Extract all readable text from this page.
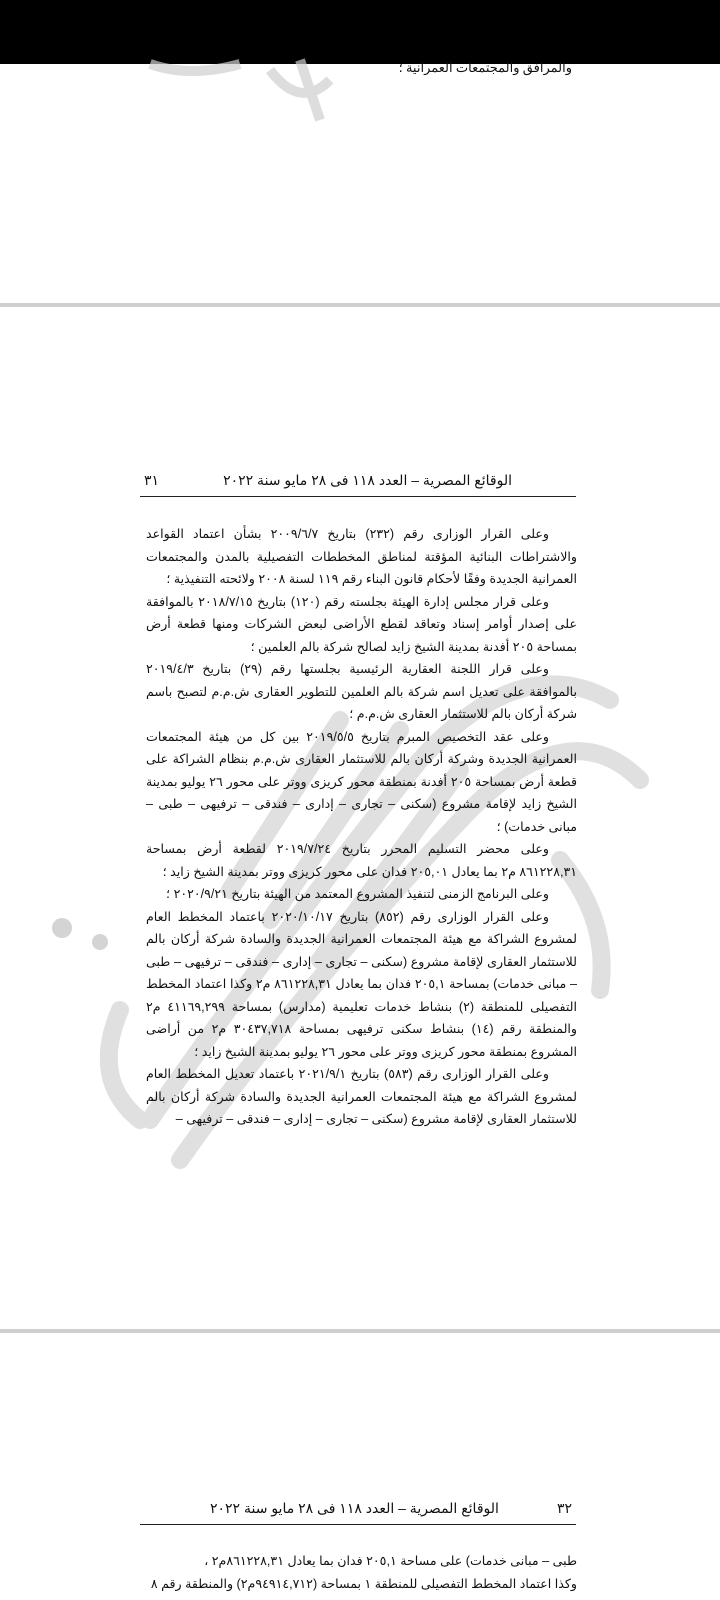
والمرافق والمجتمعات العمرانية ؛
الوقائع المصرية – العدد ١١٨ فى ٢٨ مايو سنة ٢٠٢٢
٣١

وعلى القرار الوزارى رقم (٢٣٢) بتاريخ ٢٠٠٩/٦/٧ بشأن اعتماد القواعد والاشتراطات البنائية المؤقتة لمناطق المخططات التفصيلية بالمدن والمجتمعات العمرانية الجديدة وفقًا لأحكام قانون البناء رقم ١١٩ لسنة ٢٠٠٨ ولائحته التنفيذية ؛

وعلى قرار مجلس إدارة الهيئة بجلسته رقم (١٢٠) بتاريخ ٢٠١٨/٧/١٥ بالموافقة على إصدار أوامر إسناد وتعاقد لقطع الأراضى لبعض الشركات ومنها قطعة أرض بمساحة ٢٠٥ أفدنة بمدينة الشيخ زايد لصالح شركة بالم العلمين ؛

وعلى قرار اللجنة العقارية الرئيسية بجلستها رقم (٢٩) بتاريخ ٢٠١٩/٤/٣ بالموافقة على تعديل اسم شركة بالم العلمين للتطوير العقارى ش.م.م لتصبح باسم شركة أركان بالم للاستثمار العقارى ش.م.م ؛

وعلى عقد التخصيص المبرم بتاريخ ٢٠١٩/٥/٥ بين كل من هيئة المجتمعات العمرانية الجديدة وشركة أركان بالم للاستثمار العقارى ش.م.م بنظام الشراكة على قطعة أرض بمساحة ٢٠٥ أفدنة بمنطقة محور كريزى ووتر على محور ٢٦ يوليو بمدينة الشيخ زايد لإقامة مشروع (سكنى – تجارى – إدارى – فندقى – ترفيهى – طبى – مبانى خدمات) ؛

وعلى محضر التسليم المحرر بتاريخ ٢٠١٩/٧/٢٤ لقطعة أرض بمساحة ٨٦١٢٢٨,٣١ م٢ بما يعادل ٢٠٥,٠١ فدان على محور كريزى ووتر بمدينة الشيخ زايد ؛

وعلى البرنامج الزمنى لتنفيذ المشروع المعتمد من الهيئة بتاريخ ٢٠٢٠/٩/٢١ ؛

وعلى القرار الوزارى رقم (٨٥٢) بتاريخ ٢٠٢٠/١٠/١٧ باعتماد المخطط العام لمشروع الشراكة مع هيئة المجتمعات العمرانية الجديدة والسادة شركة أركان بالم للاستثمار العقارى لإقامة مشروع (سكنى – تجارى – إدارى – فندقى – ترفيهى – طبى – مبانى خدمات) بمساحة ٢٠٥,١ فدان بما يعادل ٨٦١٢٢٨,٣١ م٢ وكذا اعتماد المخطط التفصيلى للمنطقة (٢) بنشاط خدمات تعليمية (مدارس) بمساحة ٤١١٦٩,٢٩٩ م٢ والمنطقة رقم (١٤) بنشاط سكنى ترفيهى بمساحة ٣٠٤٣٧,٧١٨ م٢ من أراضى المشروع بمنطقة محور كريزى ووتر على محور ٢٦ يوليو بمدينة الشيخ زايد ؛

وعلى القرار الوزارى رقم (٥٨٣) بتاريخ ٢٠٢١/٩/١ باعتماد تعديل المخطط العام لمشروع الشراكة مع هيئة المجتمعات العمرانية الجديدة والسادة شركة أركان بالم للاستثمار العقارى لإقامة مشروع (سكنى – تجارى – إدارى – فندقى – ترفيهى –

الوقائع المصرية – العدد ١١٨ فى ٢٨ مايو سنة ٢٠٢٢	٣٢

طبى – مبانى خدمات) على مساحة ٢٠٥,١ فدان بما يعادل ٨٦١٢٢٨,٣١م٢ ،

وكذا اعتماد المخطط التفصيلى للمنطقة ١ بمساحة (٩٤٩١٤,٧١٢م٢) والمنطقة رقم ٨
